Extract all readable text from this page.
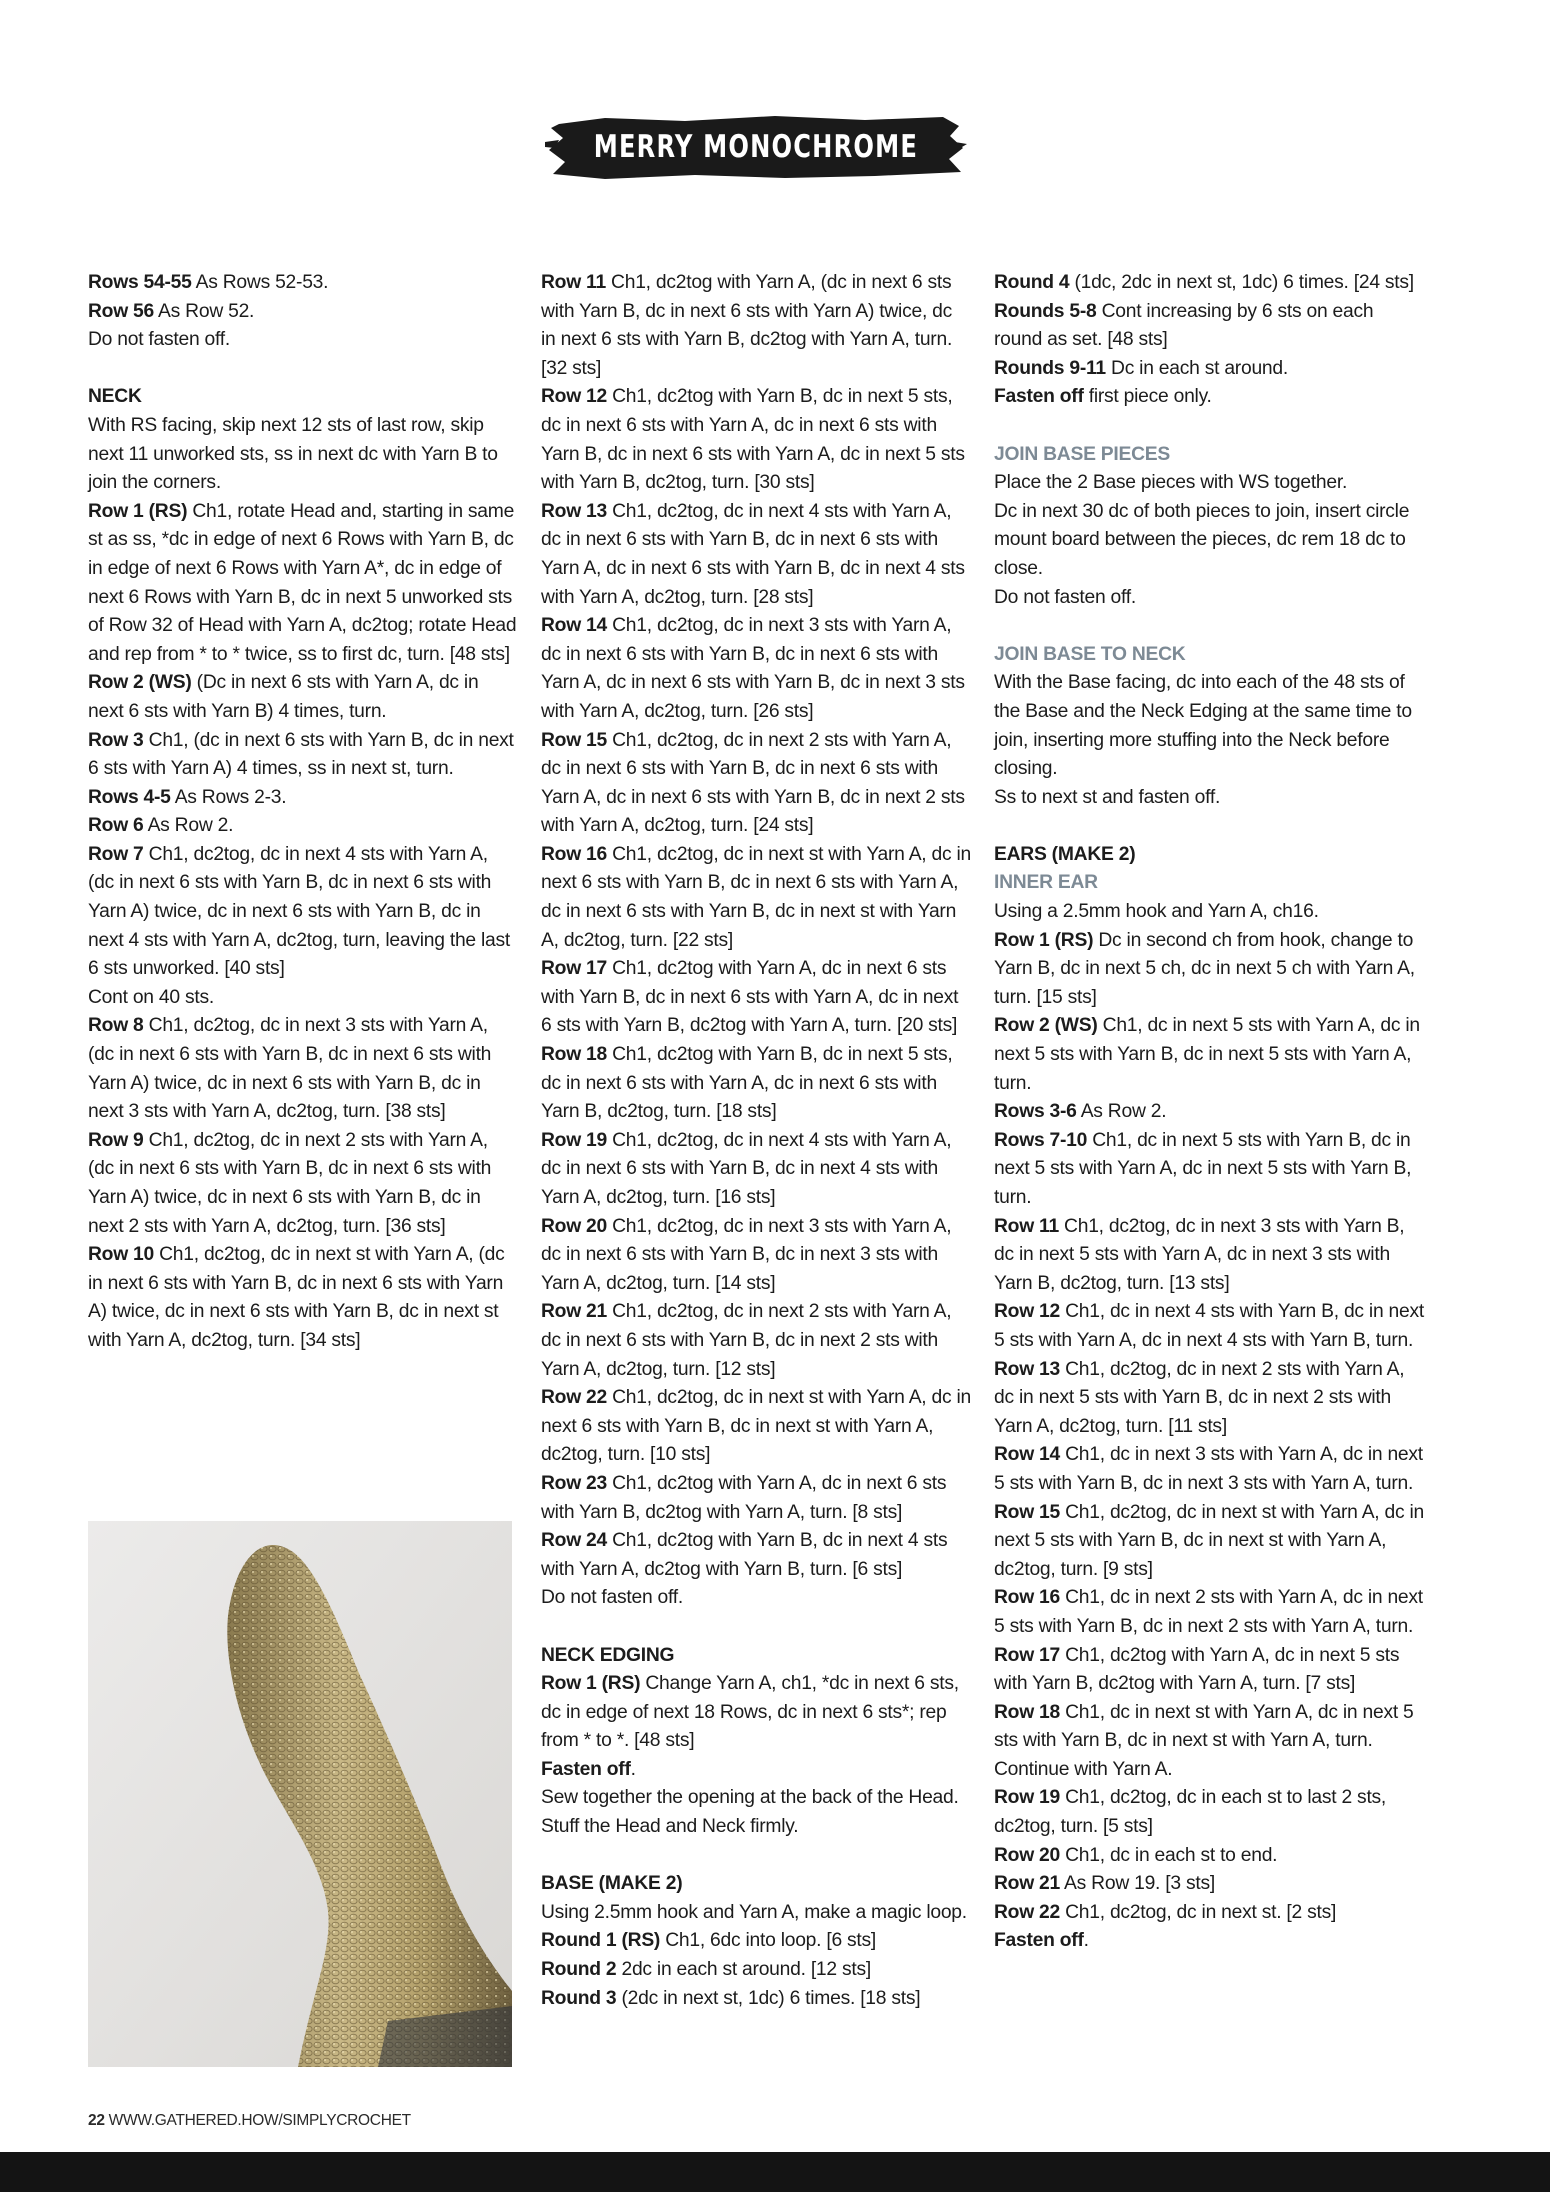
MERRY MONOCHROME

Rows 54-55 As Rows 52-53.

Row 56 As Row 52.

Do not fasten off.

NECK

With RS facing, skip next 12 sts of last row, skip next 11 unworked sts, ss in next dc with Yarn B to join the corners.

Row 1 (RS) Ch1, rotate Head and, starting in same st as ss, *dc in edge of next 6 Rows with Yarn B, dc in edge of next 6 Rows with Yarn A*, dc in edge of next 6 Rows with Yarn B, dc in next 5 unworked sts of Row 32 of Head with Yarn A, dc2tog; rotate Head and rep from * to * twice, ss to first dc, turn. [48 sts]

Row 2 (WS) (Dc in next 6 sts with Yarn A, dc in next 6 sts with Yarn B) 4 times, turn.

Row 3 Ch1, (dc in next 6 sts with Yarn B, dc in next 6 sts with Yarn A) 4 times, ss in next st, turn.

Rows 4-5 As Rows 2-3.

Row 6 As Row 2.

Row 7 Ch1, dc2tog, dc in next 4 sts with Yarn A, (dc in next 6 sts with Yarn B, dc in next 6 sts with Yarn A) twice, dc in next 6 sts with Yarn B, dc in next 4 sts with Yarn A, dc2tog, turn, leaving the last 6 sts unworked. [40 sts]

Cont on 40 sts.

Row 8 Ch1, dc2tog, dc in next 3 sts with Yarn A, (dc in next 6 sts with Yarn B, dc in next 6 sts with Yarn A) twice, dc in next 6 sts with Yarn B, dc in next 3 sts with Yarn A, dc2tog, turn. [38 sts]

Row 9 Ch1, dc2tog, dc in next 2 sts with Yarn A, (dc in next 6 sts with Yarn B, dc in next 6 sts with Yarn A) twice, dc in next 6 sts with Yarn B, dc in next 2 sts with Yarn A, dc2tog, turn. [36 sts]

Row 10 Ch1, dc2tog, dc in next st with Yarn A, (dc in next 6 sts with Yarn B, dc in next 6 sts with Yarn A) twice, dc in next 6 sts with Yarn B, dc in next st with Yarn A, dc2tog, turn. [34 sts]

Row 11 Ch1, dc2tog with Yarn A, (dc in next 6 sts with Yarn B, dc in next 6 sts with Yarn A) twice, dc in next 6 sts with Yarn B, dc2tog with Yarn A, turn. [32 sts]

Row 12 Ch1, dc2tog with Yarn B, dc in next 5 sts, dc in next 6 sts with Yarn A, dc in next 6 sts with Yarn B, dc in next 6 sts with Yarn A, dc in next 5 sts with Yarn B, dc2tog, turn. [30 sts]

Row 13 Ch1, dc2tog, dc in next 4 sts with Yarn A, dc in next 6 sts with Yarn B, dc in next 6 sts with Yarn A, dc in next 6 sts with Yarn B, dc in next 4 sts with Yarn A, dc2tog, turn. [28 sts]

Row 14 Ch1, dc2tog, dc in next 3 sts with Yarn A, dc in next 6 sts with Yarn B, dc in next 6 sts with Yarn A, dc in next 6 sts with Yarn B, dc in next 3 sts with Yarn A, dc2tog, turn. [26 sts]

Row 15 Ch1, dc2tog, dc in next 2 sts with Yarn A, dc in next 6 sts with Yarn B, dc in next 6 sts with Yarn A, dc in next 6 sts with Yarn B, dc in next 2 sts with Yarn A, dc2tog, turn. [24 sts]

Row 16 Ch1, dc2tog, dc in next st with Yarn A, dc in next 6 sts with Yarn B, dc in next 6 sts with Yarn A, dc in next 6 sts with Yarn B, dc in next st with Yarn A, dc2tog, turn. [22 sts]

Row 17 Ch1, dc2tog with Yarn A, dc in next 6 sts with Yarn B, dc in next 6 sts with Yarn A, dc in next 6 sts with Yarn B, dc2tog with Yarn A, turn. [20 sts]

Row 18 Ch1, dc2tog with Yarn B, dc in next 5 sts, dc in next 6 sts with Yarn A, dc in next 6 sts with Yarn B, dc2tog, turn. [18 sts]

Row 19 Ch1, dc2tog, dc in next 4 sts with Yarn A, dc in next 6 sts with Yarn B, dc in next 4 sts with Yarn A, dc2tog, turn. [16 sts]

Row 20 Ch1, dc2tog, dc in next 3 sts with Yarn A, dc in next 6 sts with Yarn B, dc in next 3 sts with Yarn A, dc2tog, turn. [14 sts]

Row 21 Ch1, dc2tog, dc in next 2 sts with Yarn A, dc in next 6 sts with Yarn B, dc in next 2 sts with Yarn A, dc2tog, turn. [12 sts]

Row 22 Ch1, dc2tog, dc in next st with Yarn A, dc in next 6 sts with Yarn B, dc in next st with Yarn A, dc2tog, turn. [10 sts]

Row 23 Ch1, dc2tog with Yarn A, dc in next 6 sts with Yarn B, dc2tog with Yarn A, turn. [8 sts]

Row 24 Ch1, dc2tog with Yarn B, dc in next 4 sts with Yarn A, dc2tog with Yarn B, turn. [6 sts]

Do not fasten off.

NECK EDGING

Row 1 (RS) Change Yarn A, ch1, *dc in next 6 sts, dc in edge of next 18 Rows, dc in next 6 sts*; rep from * to *. [48 sts]

Fasten off.

Sew together the opening at the back of the Head. Stuff the Head and Neck firmly.

BASE (MAKE 2)

Using 2.5mm hook and Yarn A, make a magic loop.

Round 1 (RS) Ch1, 6dc into loop. [6 sts]

Round 2 2dc in each st around. [12 sts]

Round 3 (2dc in next st, 1dc) 6 times. [18 sts]

Round 4 (1dc, 2dc in next st, 1dc) 6 times. [24 sts]

Rounds 5-8 Cont increasing by 6 sts on each round as set. [48 sts]

Rounds 9-11 Dc in each st around.

Fasten off first piece only.

JOIN BASE PIECES

Place the 2 Base pieces with WS together.

Dc in next 30 dc of both pieces to join, insert circle mount board between the pieces, dc rem 18 dc to close.

Do not fasten off.

JOIN BASE TO NECK

With the Base facing, dc into each of the 48 sts of the Base and the Neck Edging at the same time to join, inserting more stuffing into the Neck before closing.

Ss to next st and fasten off.

EARS (MAKE 2)

INNER EAR

Using a 2.5mm hook and Yarn A, ch16.

Row 1 (RS) Dc in second ch from hook, change to Yarn B, dc in next 5 ch, dc in next 5 ch with Yarn A, turn. [15 sts]

Row 2 (WS) Ch1, dc in next 5 sts with Yarn A, dc in next 5 sts with Yarn B, dc in next 5 sts with Yarn A, turn.

Rows 3-6 As Row 2.

Rows 7-10 Ch1, dc in next 5 sts with Yarn B, dc in next 5 sts with Yarn A, dc in next 5 sts with Yarn B, turn.

Row 11 Ch1, dc2tog, dc in next 3 sts with Yarn B, dc in next 5 sts with Yarn A, dc in next 3 sts with Yarn B, dc2tog, turn. [13 sts]

Row 12 Ch1, dc in next 4 sts with Yarn B, dc in next 5 sts with Yarn A, dc in next 4 sts with Yarn B, turn.

Row 13 Ch1, dc2tog, dc in next 2 sts with Yarn A, dc in next 5 sts with Yarn B, dc in next 2 sts with Yarn A, dc2tog, turn. [11 sts]

Row 14 Ch1, dc in next 3 sts with Yarn A, dc in next 5 sts with Yarn B, dc in next 3 sts with Yarn A, turn.

Row 15 Ch1, dc2tog, dc in next st with Yarn A, dc in next 5 sts with Yarn B, dc in next st with Yarn A, dc2tog, turn. [9 sts]

Row 16 Ch1, dc in next 2 sts with Yarn A, dc in next 5 sts with Yarn B, dc in next 2 sts with Yarn A, turn.

Row 17 Ch1, dc2tog with Yarn A, dc in next 5 sts with Yarn B, dc2tog with Yarn A, turn. [7 sts]

Row 18 Ch1, dc in next st with Yarn A, dc in next 5 sts with Yarn B, dc in next st with Yarn A, turn.

Continue with Yarn A.

Row 19 Ch1, dc2tog, dc in each st to last 2 sts, dc2tog, turn. [5 sts]

Row 20 Ch1, dc in each st to end.

Row 21 As Row 19. [3 sts]

Row 22 Ch1, dc2tog, dc in next st. [2 sts]

Fasten off.

22 WWW.GATHERED.HOW/SIMPLYCROCHET
